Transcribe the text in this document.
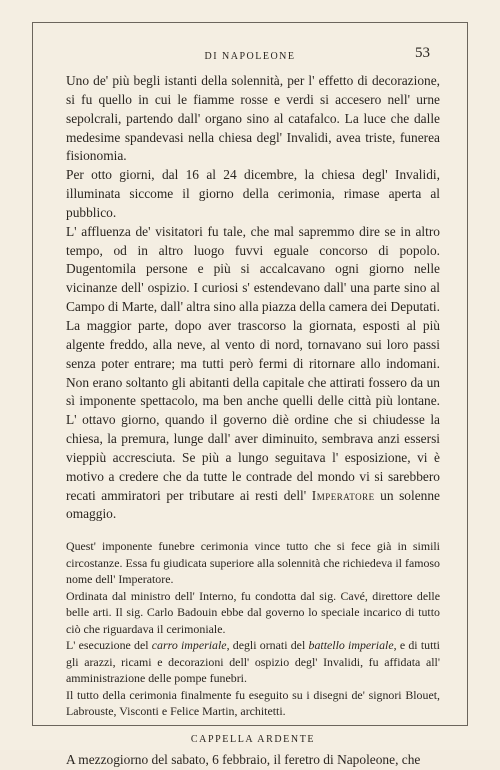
DI NAPOLEONE	53

Uno de' più begli istanti della solennità, per l' effetto di decorazione, si fu quello in cui le fiamme rosse e verdi si accesero nell' urne sepolcrali, partendo dall' organo sino al catafalco. La luce che dalle medesime spandevasi nella chiesa degl' Invalidi, avea triste, funerea fisionomia.

Per otto giorni, dal 16 al 24 dicembre, la chiesa degl' Invalidi, illuminata siccome il giorno della cerimonia, rimase aperta al pubblico.

L' affluenza de' visitatori fu tale, che mal sapremmo dire se in altro tempo, od in altro luogo fuvvi eguale concorso di popolo. Dugentomila persone e più si accalcavano ogni giorno nelle vicinanze dell' ospizio. I curiosi s' estendevano dall' una parte sino al Campo di Marte, dall' altra sino alla piazza della camera dei Deputati. La maggior parte, dopo aver trascorso la giornata, esposti al più algente freddo, alla neve, al vento di nord, tornavano sui loro passi senza poter entrare; ma tutti però fermi di ritornare allo indomani. Non erano soltanto gli abitanti della capitale che attirati fossero da un sì imponente spettacolo, ma ben anche quelli delle città più lontane. L' ottavo giorno, quando il governo diè ordine che si chiudesse la chiesa, la premura, lunge dall' aver diminuito, sembrava anzi essersi vieppiù accresciuta. Se più a lungo seguitava l' esposizione, vi è motivo a credere che da tutte le contrade del mondo vi si sarebbero recati ammiratori per tributare ai resti dell' Imperatore un solenne omaggio.

Quest' imponente funebre cerimonia vince tutto che si fece già in simili circostanze. Essa fu giudicata superiore alla solennità che richiedeva il famoso nome dell' Imperatore.

Ordinata dal ministro dell' Interno, fu condotta dal sig. Cavé, direttore delle belle arti. Il sig. Carlo Badouin ebbe dal governo lo speciale incarico di tutto ciò che riguardava il cerimoniale.

L' esecuzione del carro imperiale, degli ornati del battello imperiale, e di tutti gli arazzi, ricami e decorazioni dell' ospizio degl' Invalidi, fu affidata all' amministrazione delle pompe funebri.

Il tutto della cerimonia finalmente fu eseguito su i disegni de' signori Blouet, Labrouste, Visconti e Felice Martin, architetti.

CAPPELLA ARDENTE

A mezzogiorno del sabato, 6 febbraio, il feretro di Napoleone, che
